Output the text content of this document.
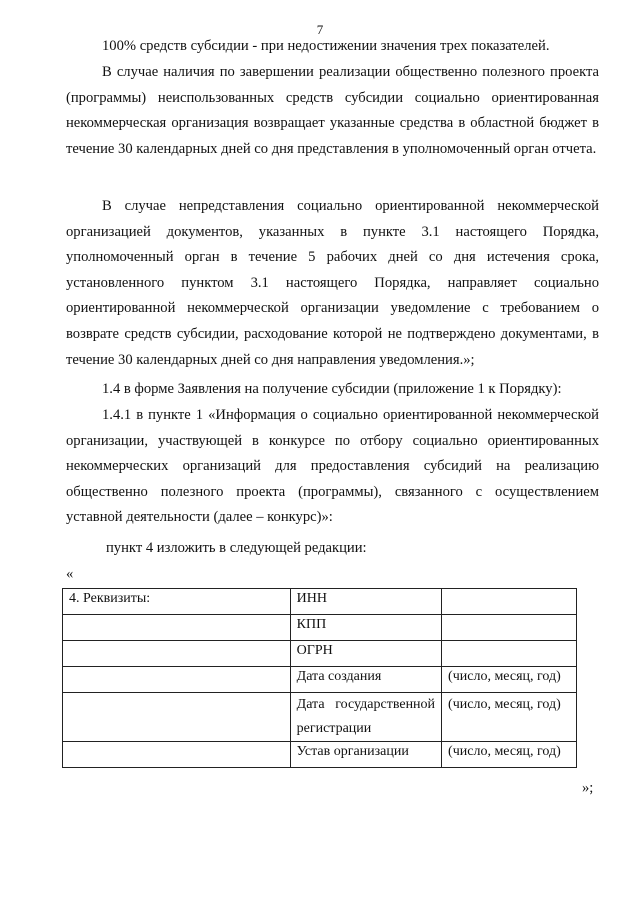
7

100% средств субсидии - при недостижении значения трех показателей.

В случае наличия по завершении реализации общественно полезного проекта (программы) неиспользованных средств субсидии социально ориентированная некоммерческая организация возвращает указанные средства в областной бюджет в течение 30 календарных дней со дня представления в уполномоченный орган отчета.

В случае непредставления социально ориентированной некоммерческой организацией документов, указанных в пункте 3.1 настоящего Порядка, уполномоченный орган в течение 5 рабочих дней со дня истечения срока, установленного пунктом 3.1 настоящего Порядка, направляет социально ориентированной некоммерческой организации уведомление с требованием о возврате средств субсидии, расходование которой не подтверждено документами, в течение 30 календарных дней со дня направления уведомления.»;

1.4 в форме Заявления на получение субсидии (приложение 1 к Порядку):

1.4.1 в пункте 1 «Информация о социально ориентированной некоммерческой организации, участвующей в конкурсе по отбору социально ориентированных некоммерческих организаций для предоставления субсидий на реализацию общественно полезного проекта (программы), связанного с осуществлением уставной деятельности (далее – конкурс)»:

пункт 4 изложить в следующей редакции:

«
4. Реквизиты:	ИНН	
	КПП	
	ОГРН	
	Дата создания	(число, месяц, год)
	Дата государственной регистрации	(число, месяц, год)
	Устав организации	(число, месяц, год)
»;
